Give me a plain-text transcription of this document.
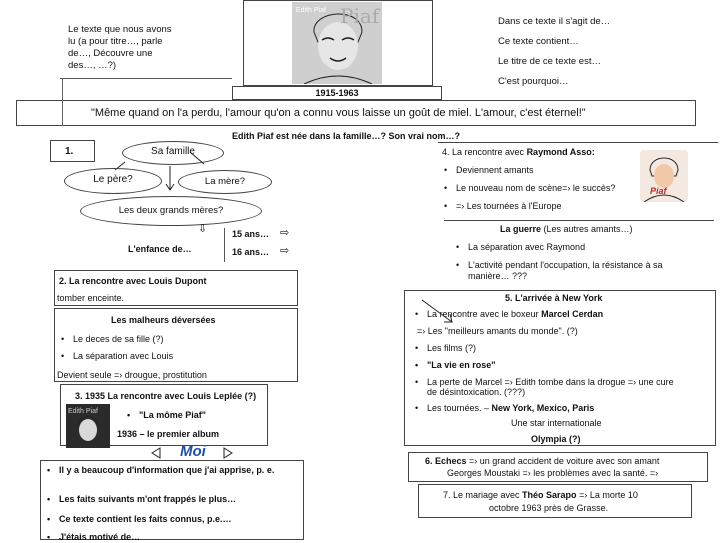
Le texte que nous avons
lu (a pour titre…, parle
de…, Découvre une
des…, …?)
Edith Piaf Piaf
1915-1963
Dans ce texte il s'agit de…
Ce texte contient…
Le titre de ce texte est…
C'est pourquoi…
"Même quand on l'a perdu, l'amour qu'on a connu vous laisse un goût de miel. L'amour, c'est éternel!"
Edith Piaf est née dans la famille…? Son vrai nom…?
1.	Sa famille
Le père?	La mère?
Les deux grands mères?
⇩
L'enfance de…
15 ans…
16 ans…
⇨
⇨
4. La rencontre avec Raymond Asso:
• Deviennent amants
• Le nouveau nom de scène=› le succès?
• =› Les tournées à l'Europe
Piaf
La guerre (Les autres amants…)
• La séparation avec Raymond
• L'activité pendant l'occupation, la résistance à sa
manière… ???
2. La rencontre avec Louis Dupont
tomber enceinte.
Les malheurs déversées
• Le deces de sa fille (?)
• La séparation avec Louis
Devient seule =› drougue, prostitution
3. 1935 La rencontre avec Louis Leplée (?)
• "La môme Piaf"
1936 – le premier album
Edith Piaf
Moi
• Il y a beaucoup d'information que j'ai apprise, p. e.
• Les faits suivants m'ont frappés le plus…
• Ce texte contient les faits connus, p.e.…
• J'étais motivé de…
5. L'arrivée à New York
• La rencontre avec le boxeur Marcel Cerdan
=› Les "meilleurs amants du monde". (?)
• Les films (?)
• "La vie en rose"
• La perte de Marcel =› Edith tombe dans la drogue =› une cure
de désintoxication. (???)
• Les tournées. – New York, Mexico, Paris
Une star internationale
Olympia (?)
6. Echecs =› un grand accident de voiture avec son amant
Georges Moustaki =› les problèmes avec la santé. =›
7. Le mariage avec Théo Sarapo =› La morte 10
octobre 1963 près de Grasse.
